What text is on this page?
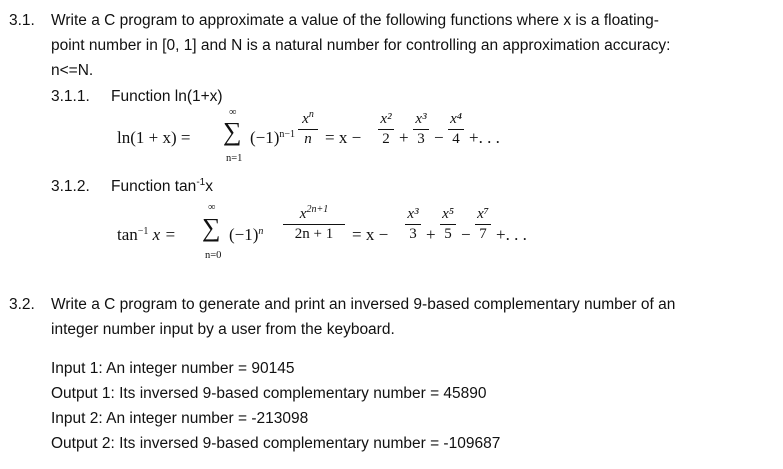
3.1. Write a C program to approximate a value of the following functions where x is a floating-
point number in [0, 1] and N is a natural number for controlling an approximation accuracy:
n<=N.
3.1.1. Function ln(1+x)
ln(1 + x) =
∞
∑
n=1
$(-1)^{n-1}$
$x^n$
n = x −
x²
2 +
x³
3 −
x⁴
4 +. . .
3.1.2. Function $\tan^{-1}x$
$\tan^{-1} x$ =
∞
∑
n=0
$(-1)^n$
$x^{2n+1}$
2n + 1	= x −
x³
3 +
x⁵
5 −
x⁷
7 +. . .
3.2. Write a C program to generate and print an inversed 9-based complementary number of an
integer number input by a user from the keyboard.
Input 1: An integer number = 90145
Output 1: Its inversed 9-based complementary number = 45890
Input 2: An integer number = -213098
Output 2: Its inversed 9-based complementary number = -109687
